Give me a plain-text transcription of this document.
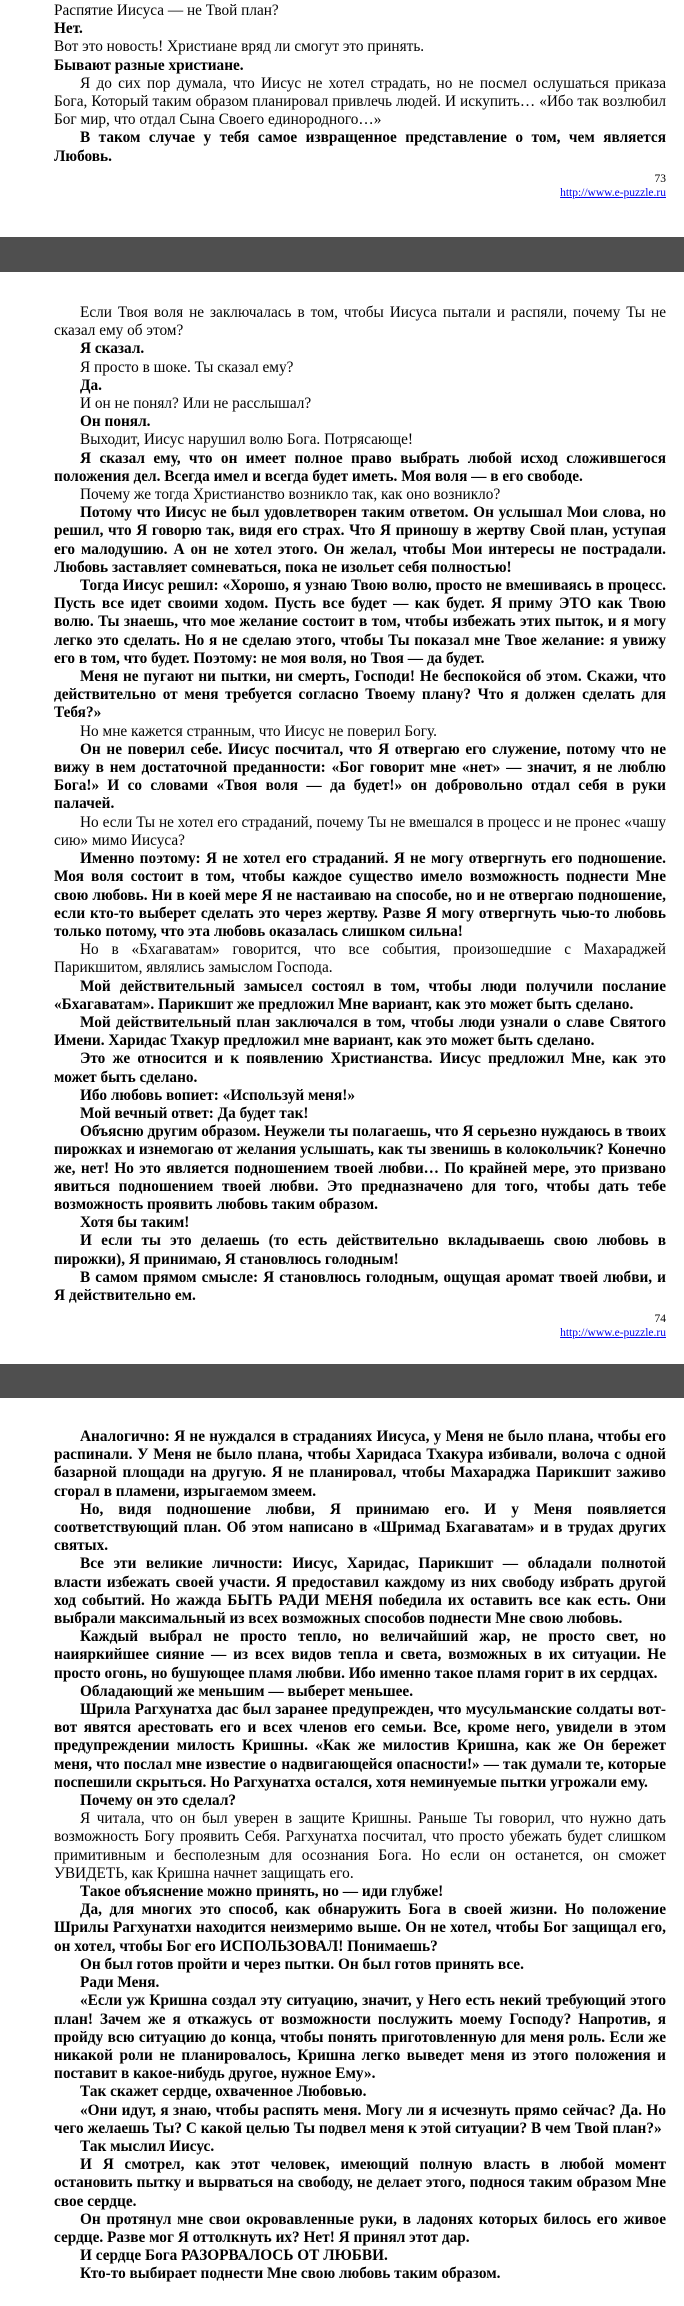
Распятие Иисуса — не Твой план?

Нет.

Вот это новость! Христиане вряд ли смогут это принять.

Бывают разные христиане.

Я до сих пор думала, что Иисус не хотел страдать, но не посмел ослушаться приказа Бога, Который таким образом планировал привлечь людей. И искупить… «Ибо так возлюбил Бог мир, что отдал Сына Своего единородного…»

В таком случае у тебя самое извращенное представление о том, чем является Любовь.

73
http://www.e-puzzle.ru

Если Твоя воля не заключалась в том, чтобы Иисуса пытали и распяли, почему Ты не сказал ему об этом?

Я сказал.

Я просто в шоке. Ты сказал ему?

Да.

И он не понял? Или не расслышал?

Он понял.

Выходит, Иисус нарушил волю Бога. Потрясающе!

Я сказал ему, что он имеет полное право выбрать любой исход сложившегося положения дел. Всегда имел и всегда будет иметь. Моя воля — в его свободе.

Почему же тогда Христианство возникло так, как оно возникло?

Потому что Иисус не был удовлетворен таким ответом. Он услышал Мои слова, но решил, что Я говорю так, видя его страх. Что Я приношу в жертву Свой план, уступая его малодушию. А он не хотел этого. Он желал, чтобы Мои интересы не пострадали. Любовь заставляет сомневаться, пока не изольет себя полностью!

Тогда Иисус решил: «Хорошо, я узнаю Твою волю, просто не вмешиваясь в процесс. Пусть все идет своими ходом. Пусть все будет — как будет. Я приму ЭТО как Твою волю. Ты знаешь, что мое желание состоит в том, чтобы избежать этих пыток, и я могу легко это сделать. Но я не сделаю этого, чтобы Ты показал мне Твое желание: я увижу его в том, что будет. Поэтому: не моя воля, но Твоя — да будет.

Меня не пугают ни пытки, ни смерть, Господи! Не беспокойся об этом. Скажи, что действительно от меня требуется согласно Твоему плану? Что я должен сделать для Тебя?»

Но мне кажется странным, что Иисус не поверил Богу.

Он не поверил себе. Иисус посчитал, что Я отвергаю его служение, потому что не вижу в нем достаточной преданности: «Бог говорит мне «нет» — значит, я не люблю Бога!» И со словами «Твоя воля — да будет!» он добровольно отдал себя в руки палачей.

Но если Ты не хотел его страданий, почему Ты не вмешался в процесс и не пронес «чашу сию» мимо Иисуса?

Именно поэтому: Я не хотел его страданий. Я не могу отвергнуть его подношение. Моя воля состоит в том, чтобы каждое существо имело возможность поднести Мне свою любовь. Ни в коей мере Я не настаиваю на способе, но и не отвергаю подношение, если кто-то выберет сделать это через жертву. Разве Я могу отвергнуть чью-то любовь только потому, что эта любовь оказалась слишком сильна!

Но в «Бхагаватам» говорится, что все события, произошедшие с Махараджей Парикшитом, являлись замыслом Господа.

Мой действительный замысел состоял в том, чтобы люди получили послание «Бхагаватам». Парикшит же предложил Мне вариант, как это может быть сделано.

Мой действительный план заключался в том, чтобы люди узнали о славе Святого Имени. Харидас Тхакур предложил мне вариант, как это может быть сделано.

Это же относится и к появлению Христианства. Иисус предложил Мне, как это может быть сделано.

Ибо любовь вопиет: «Используй меня!»

Мой вечный ответ: Да будет так!

Объясню другим образом. Неужели ты полагаешь, что Я серьезно нуждаюсь в твоих пирожках и изнемогаю от желания услышать, как ты звенишь в колокольчик? Конечно же, нет! Но это является подношением твоей любви… По крайней мере, это призвано явиться подношением твоей любви. Это предназначено для того, чтобы дать тебе возможность проявить любовь таким образом.

Хотя бы таким!

И если ты это делаешь (то есть действительно вкладываешь свою любовь в пирожки), Я принимаю, Я становлюсь голодным!

В самом прямом смысле: Я становлюсь голодным, ощущая аромат твоей любви, и Я действительно ем.

74
http://www.e-puzzle.ru

Аналогично: Я не нуждался в страданиях Иисуса, у Меня не было плана, чтобы его распинали. У Меня не было плана, чтобы Харидаса Тхакура избивали, волоча с одной базарной площади на другую. Я не планировал, чтобы Махараджа Парикшит заживо сгорал в пламени, изрыгаемом змеем.

Но, видя подношение любви, Я принимаю его. И у Меня появляется соответствующий план. Об этом написано в «Шримад Бхагаватам» и в трудах других святых.

Все эти великие личности: Иисус, Харидас, Парикшит — обладали полнотой власти избежать своей участи. Я предоставил каждому из них свободу избрать другой ход событий. Но жажда БЫТЬ РАДИ МЕНЯ победила их оставить все как есть. Они выбрали максимальный из всех возможных способов поднести Мне свою любовь.

Каждый выбрал не просто тепло, но величайший жар, не просто свет, но наияркийшее сияние — из всех видов тепла и света, возможных в их ситуации. Не просто огонь, но бушующее пламя любви. Ибо именно такое пламя горит в их сердцах.

Обладающий же меньшим — выберет меньшее.

Шрила Рагхунатха дас был заранее предупрежден, что мусульманские солдаты вот-вот явятся арестовать его и всех членов его семьи. Все, кроме него, увидели в этом предупреждении милость Кришны. «Как же милостив Кришна, как же Он бережет меня, что послал мне известие о надвигающейся опасности!» — так думали те, которые поспешили скрыться. Но Рагхунатха остался, хотя неминуемые пытки угрожали ему.

Почему он это сделал?

Я читала, что он был уверен в защите Кришны. Раньше Ты говорил, что нужно дать возможность Богу проявить Себя. Рагхунатха посчитал, что просто убежать будет слишком примитивным и бесполезным для осознания Бога. Но если он останется, он сможет УВИДЕТЬ, как Кришна начнет защищать его.

Такое объяснение можно принять, но — иди глубже!

Да, для многих это способ, как обнаружить Бога в своей жизни. Но положение Шрилы Рагхунатхи находится неизмеримо выше. Он не хотел, чтобы Бог защищал его, он хотел, чтобы Бог его ИСПОЛЬЗОВАЛ! Понимаешь?

Он был готов пройти и через пытки. Он был готов принять все.

Ради Меня.

«Если уж Кришна создал эту ситуацию, значит, у Него есть некий требующий этого план! Зачем же я откажусь от возможности послужить моему Господу? Напротив, я пройду всю ситуацию до конца, чтобы понять приготовленную для меня роль. Если же никакой роли не планировалось, Кришна легко выведет меня из этого положения и поставит в какое-нибудь другое, нужное Ему».

Так скажет сердце, охваченное Любовью.

«Они идут, я знаю, чтобы распять меня. Могу ли я исчезнуть прямо сейчас? Да. Но чего желаешь Ты? С какой целью Ты подвел меня к этой ситуации? В чем Твой план?»

Так мыслил Иисус.

И Я смотрел, как этот человек, имеющий полную власть в любой момент остановить пытку и вырваться на свободу, не делает этого, поднося таким образом Мне свое сердце.

Он протянул мне свои окровавленные руки, в ладонях которых билось его живое сердце. Разве мог Я оттолкнуть их? Нет! Я принял этот дар.

И сердце Бога РАЗОРВАЛОСЬ ОТ ЛЮБВИ.

Кто-то выбирает поднести Мне свою любовь таким образом.
